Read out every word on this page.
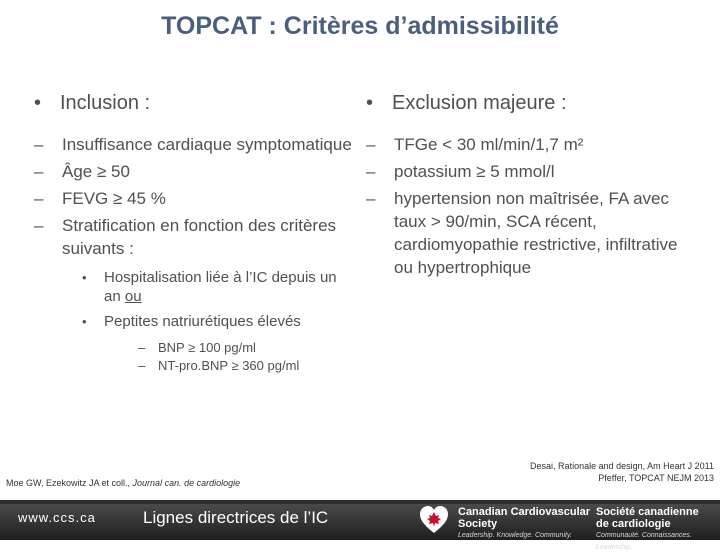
TOPCAT : Critères d’admissibilité
• Inclusion :
– Insuffisance cardiaque symptomatique
– Âge ≥ 50
– FEVG ≥ 45 %
– Stratification en fonction des critères suivants :
• Hospitalisation liée à l’IC depuis un an ou
• Peptites natriurétiques élevés
– BNP ≥ 100 pg/ml
– NT-pro.BNP ≥ 360 pg/ml
• Exclusion majeure :
– TFGe < 30 ml/min/1,7 m²
– potassium ≥ 5 mmol/l
– hypertension non maîtrisée, FA avec taux > 90/min, SCA récent, cardiomyopathie restrictive, infiltrative ou hypertrophique
Moe GW, Ezekowitz JA et coll., Journal can. de cardiologie
Desai, Rationale and design, Am Heart J 2011
Pfeffer, TOPCAT NEJM 2013
www.ccs.ca	Lignes directrices de l’IC	Canadian Cardiovascular
Society
Leadership. Knowledge. Community.
Société canadienne
de cardiologie
Communauté. Connaissances. Leadership.
